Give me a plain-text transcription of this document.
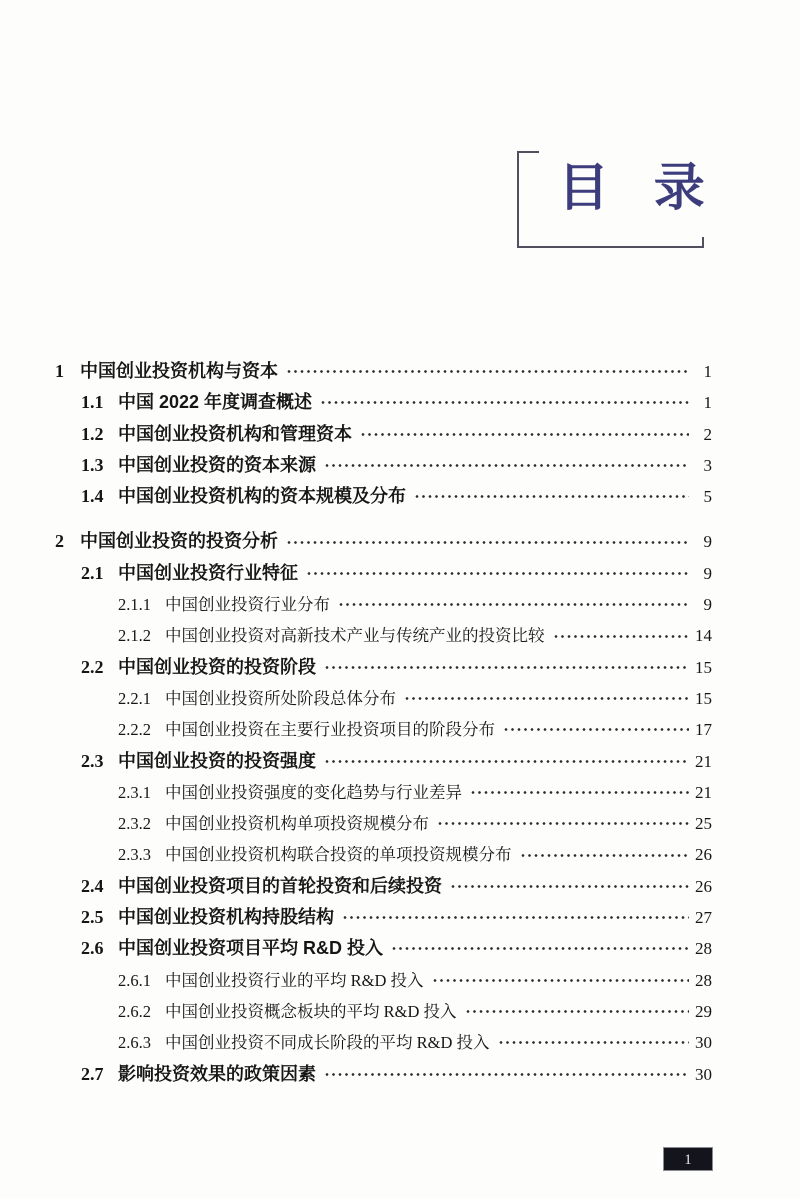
目 录
1 中国创业投资机构与资本	1
1.1 中国 2022 年度调查概述	1
1.2 中国创业投资机构和管理资本	2
1.3 中国创业投资的资本来源	3
1.4 中国创业投资机构的资本规模及分布	5
2 中国创业投资的投资分析	9
2.1 中国创业投资行业特征	9
2.1.1 中国创业投资行业分布	9
2.1.2 中国创业投资对高新技术产业与传统产业的投资比较	14
2.2 中国创业投资的投资阶段	15
2.2.1 中国创业投资所处阶段总体分布	15
2.2.2 中国创业投资在主要行业投资项目的阶段分布	17
2.3 中国创业投资的投资强度	21
2.3.1 中国创业投资强度的变化趋势与行业差异	21
2.3.2 中国创业投资机构单项投资规模分布	25
2.3.3 中国创业投资机构联合投资的单项投资规模分布	26
2.4 中国创业投资项目的首轮投资和后续投资	26
2.5 中国创业投资机构持股结构	27
2.6 中国创业投资项目平均 R&D 投入	28
2.6.1 中国创业投资行业的平均 R&D 投入	28
2.6.2 中国创业投资概念板块的平均 R&D 投入	29
2.6.3 中国创业投资不同成长阶段的平均 R&D 投入	30
2.7 影响投资效果的政策因素	30
1
